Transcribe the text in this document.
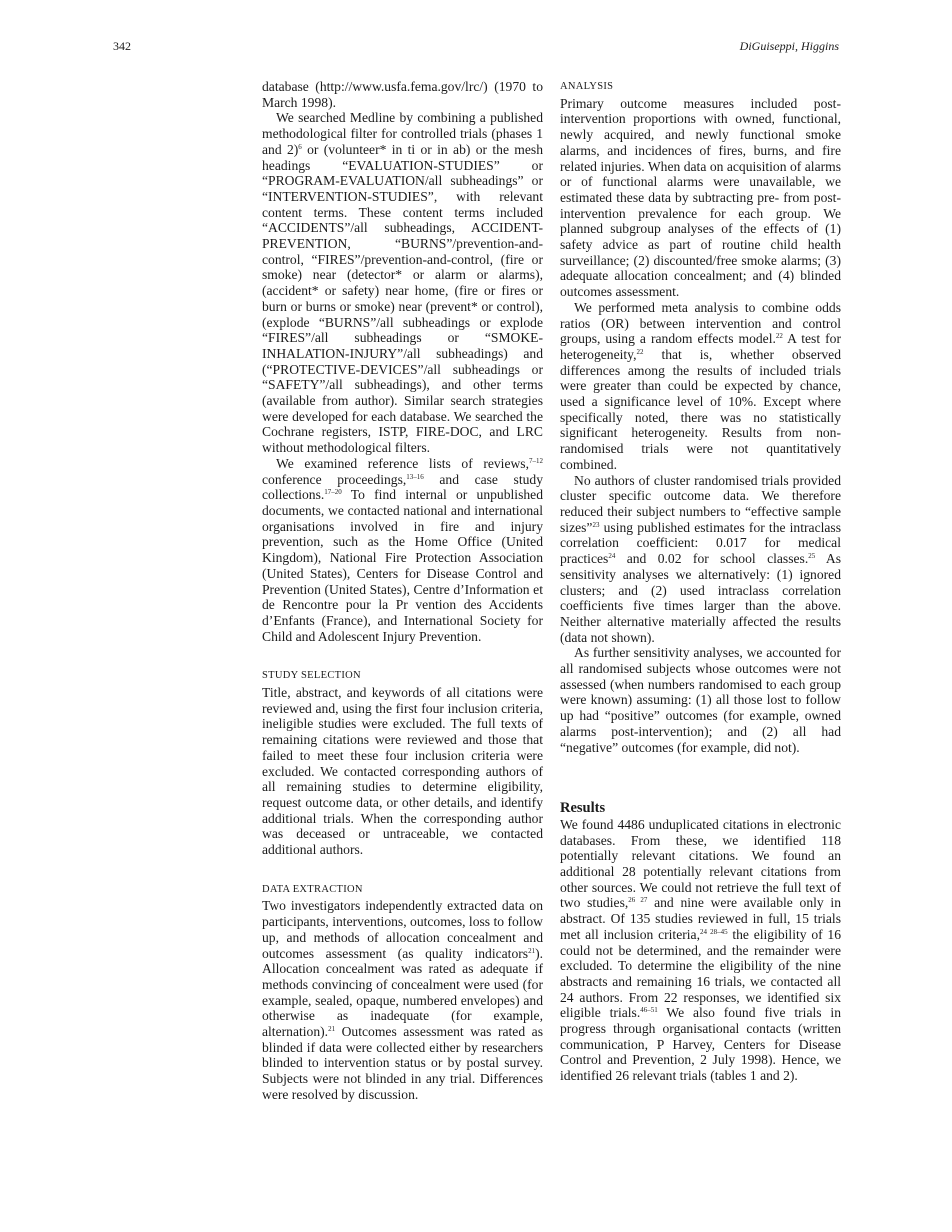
342	DiGuiseppi, Higgins

database (http://www.usfa.fema.gov/lrc/) (1970 to March 1998).

We searched Medline by combining a published methodological filter for controlled trials (phases 1 and 2)$^6$ or (volunteer* in ti or in ab) or the mesh headings “EVALUATION-STUDIES” or “PROGRAM-EVALUATION/all subheadings” or “INTERVENTION-STUDIES”, with relevant content terms. These content terms included “ACCIDENTS”/all subheadings, ACCIDENT-PREVENTION, “BURNS”/prevention-and-control, “FIRES”/prevention-and-control, (fire or smoke) near (detector* or alarm or alarms), (accident* or safety) near home, (fire or fires or burn or burns or smoke) near (prevent* or control), (explode “BURNS”/all subheadings or explode “FIRES”/all subheadings or “SMOKE-INHALATION-INJURY”/all subheadings) and (“PROTECTIVE-DEVICES”/all subheadings or “SAFETY”/all subheadings), and other terms (available from author). Similar search strategies were developed for each database. We searched the Cochrane registers, ISTP, FIRE-DOC, and LRC without methodological filters.

We examined reference lists of reviews,$^{7-12}$ conference proceedings,$^{13-16}$ and case study collections.$^{17-20}$ To find internal or unpublished documents, we contacted national and international organisations involved in fire and injury prevention, such as the Home Office (United Kingdom), National Fire Protection Association (United States), Centers for Disease Control and Prevention (United States), Centre d’Information et de Rencontre pour la Pr vention des Accidents d’Enfants (France), and International Society for Child and Adolescent Injury Prevention.

STUDY SELECTION

Title, abstract, and keywords of all citations were reviewed and, using the first four inclusion criteria, ineligible studies were excluded. The full texts of remaining citations were reviewed and those that failed to meet these four inclusion criteria were excluded. We contacted corresponding authors of all remaining studies to determine eligibility, request outcome data, or other details, and identify additional trials. When the corresponding author was deceased or untraceable, we contacted additional authors.

DATA EXTRACTION

Two investigators independently extracted data on participants, interventions, outcomes, loss to follow up, and methods of allocation concealment and outcomes assessment (as quality indicators$^{21}$). Allocation concealment was rated as adequate if methods convincing of concealment were used (for example, sealed, opaque, numbered envelopes) and otherwise as inadequate (for example, alternation).$^{21}$ Outcomes assessment was rated as blinded if data were collected either by researchers blinded to intervention status or by postal survey. Subjects were not blinded in any trial. Differences were resolved by discussion.

ANALYSIS

Primary outcome measures included post-intervention proportions with owned, functional, newly acquired, and newly functional smoke alarms, and incidences of fires, burns, and fire related injuries. When data on acquisition of alarms or of functional alarms were unavailable, we estimated these data by subtracting pre- from post-intervention prevalence for each group. We planned subgroup analyses of the effects of (1) safety advice as part of routine child health surveillance; (2) discounted/free smoke alarms; (3) adequate allocation concealment; and (4) blinded outcomes assessment.

We performed meta analysis to combine odds ratios (OR) between intervention and control groups, using a random effects model.$^{22}$ A test for heterogeneity,$^{22}$ that is, whether observed differences among the results of included trials were greater than could be expected by chance, used a significance level of 10%. Except where specifically noted, there was no statistically significant heterogeneity. Results from non-randomised trials were not quantitatively combined.

No authors of cluster randomised trials provided cluster specific outcome data. We therefore reduced their subject numbers to “effective sample sizes”$^{23}$ using published estimates for the intraclass correlation coefficient: 0.017 for medical practices$^{24}$ and 0.02 for school classes.$^{25}$ As sensitivity analyses we alternatively: (1) ignored clusters; and (2) used intraclass correlation coefficients five times larger than the above. Neither alternative materially affected the results (data not shown).

As further sensitivity analyses, we accounted for all randomised subjects whose outcomes were not assessed (when numbers randomised to each group were known) assuming: (1) all those lost to follow up had “positive” outcomes (for example, owned alarms post-intervention); and (2) all had “negative” outcomes (for example, did not).

Results

We found 4486 unduplicated citations in electronic databases. From these, we identified 118 potentially relevant citations. We found an additional 28 potentially relevant citations from other sources. We could not retrieve the full text of two studies,$^{26 27}$ and nine were available only in abstract. Of 135 studies reviewed in full, 15 trials met all inclusion criteria,$^{24 28-45}$ the eligibility of 16 could not be determined, and the remainder were excluded. To determine the eligibility of the nine abstracts and remaining 16 trials, we contacted all 24 authors. From 22 responses, we identified six eligible trials.$^{46-51}$ We also found five trials in progress through organisational contacts (written communication, P Harvey, Centers for Disease Control and Prevention, 2 July 1998). Hence, we identified 26 relevant trials (tables 1 and 2).
